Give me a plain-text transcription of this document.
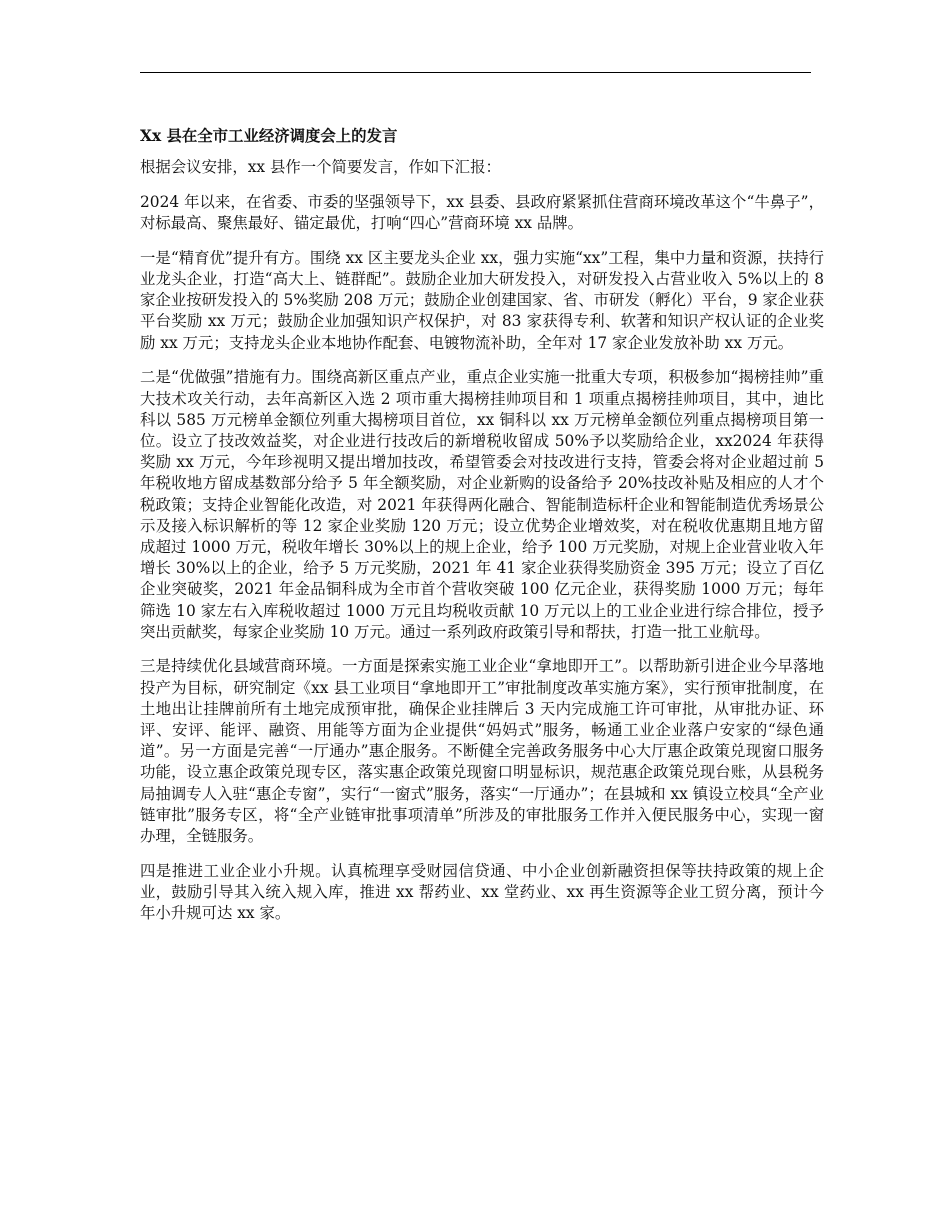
Xx 县在全市工业经济调度会上的发言

根据会议安排，xx 县作一个简要发言，作如下汇报：

2024 年以来，在省委、市委的坚强领导下，xx 县委、县政府紧紧抓住营商环境改革这个“牛鼻子”，对标最高、聚焦最好、锚定最优，打响“四心”营商环境 xx 品牌。

一是“精育优”提升有方。围绕 xx 区主要龙头企业 xx，强力实施“xx”工程，集中力量和资源，扶持行业龙头企业，打造“高大上、链群配”。鼓励企业加大研发投入，对研发投入占营业收入 5%以上的 8 家企业按研发投入的 5%奖励 208 万元；鼓励企业创建国家、省、市研发（孵化）平台，9 家企业获平台奖励 xx 万元；鼓励企业加强知识产权保护，对 83 家获得专利、软著和知识产权认证的企业奖励 xx 万元；支持龙头企业本地协作配套、电镀物流补助，全年对 17 家企业发放补助 xx 万元。

二是“优做强”措施有力。围绕高新区重点产业，重点企业实施一批重大专项，积极参加“揭榜挂帅”重大技术攻关行动，去年高新区入选 2 项市重大揭榜挂帅项目和 1 项重点揭榜挂帅项目，其中，迪比科以 585 万元榜单金额位列重大揭榜项目首位，xx 铜科以 xx 万元榜单金额位列重点揭榜项目第一位。设立了技改效益奖，对企业进行技改后的新增税收留成 50%予以奖励给企业，xx2024 年获得奖励 xx 万元，今年珍视明又提出增加技改，希望管委会对技改进行支持，管委会将对企业超过前 5 年税收地方留成基数部分给予 5 年全额奖励，对企业新购的设备给予 20%技改补贴及相应的人才个税政策；支持企业智能化改造，对 2021 年获得两化融合、智能制造标杆企业和智能制造优秀场景公示及接入标识解析的等 12 家企业奖励 120 万元；设立优势企业增效奖，对在税收优惠期且地方留成超过 1000 万元，税收年增长 30%以上的规上企业，给予 100 万元奖励，对规上企业营业收入年增长 30%以上的企业，给予 5 万元奖励，2021 年 41 家企业获得奖励资金 395 万元；设立了百亿企业突破奖，2021 年金品铜科成为全市首个营收突破 100 亿元企业，获得奖励 1000 万元；每年筛选 10 家左右入库税收超过 1000 万元且均税收贡献 10 万元以上的工业企业进行综合排位，授予突出贡献奖，每家企业奖励 10 万元。通过一系列政府政策引导和帮扶，打造一批工业航母。

三是持续优化县域营商环境。一方面是探索实施工业企业“拿地即开工”。以帮助新引进企业今早落地投产为目标，研究制定《xx 县工业项目“拿地即开工”审批制度改革实施方案》，实行预审批制度，在土地出让挂牌前所有土地完成预审批，确保企业挂牌后 3 天内完成施工许可审批，从审批办证、环评、安评、能评、融资、用能等方面为企业提供“妈妈式”服务，畅通工业企业落户安家的“绿色通道”。另一方面是完善“一厅通办”惠企服务。不断健全完善政务服务中心大厅惠企政策兑现窗口服务功能，设立惠企政策兑现专区，落实惠企政策兑现窗口明显标识，规范惠企政策兑现台账，从县税务局抽调专人入驻“惠企专窗”，实行“一窗式”服务，落实“一厅通办”；在县城和 xx 镇设立校具“全产业链审批”服务专区，将“全产业链审批事项清单”所涉及的审批服务工作并入便民服务中心，实现一窗办理，全链服务。

四是推进工业企业小升规。认真梳理享受财园信贷通、中小企业创新融资担保等扶持政策的规上企业，鼓励引导其入统入规入库，推进 xx 帮药业、xx 堂药业、xx 再生资源等企业工贸分离，预计今年小升规可达 xx 家。
